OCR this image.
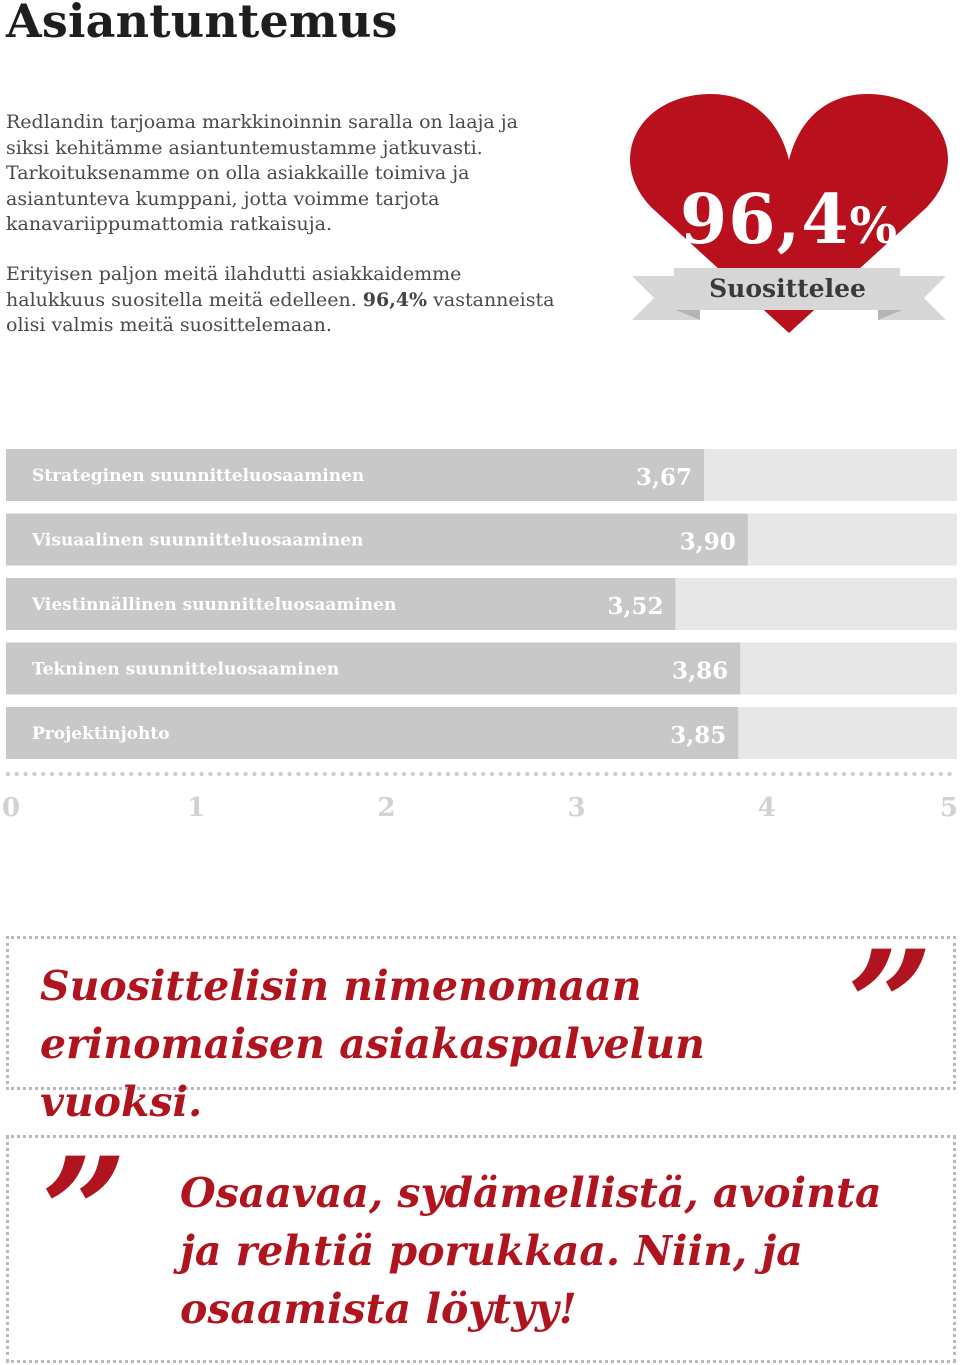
Asiantuntemus

Redlandin tarjoama markkinoinnin saralla on laaja ja siksi kehitämme asiantuntemustamme jatkuvasti. Tarkoituksenamme on olla asiakkaille toimiva ja asiantunteva kumppani, jotta voimme tarjota kanavariippumattomia ratkaisuja.

Erityisen paljon meitä ilahdutti asiakkaidemme halukkuus suositella meitä edelleen. 96,4% vastanneista olisi valmis meitä suosittelemaan.

96,4%
Suosittelee
Strateginen suunnitteluosaaminen	3,67
Visuaalinen suunnitteluosaaminen	3,90
Viestinnällinen suunnitteluosaaminen	3,52
Tekninen suunnitteluosaaminen	3,86
Projektinjohto	3,85
0	1	2	3	4	5

Suosittelisin nimenomaan erinomaisen asiakaspalvelun vuoksi.

”
” Osaavaa, sydämellistä, avointa ja rehtiä porukkaa. Niin, ja osaamista löytyy!
